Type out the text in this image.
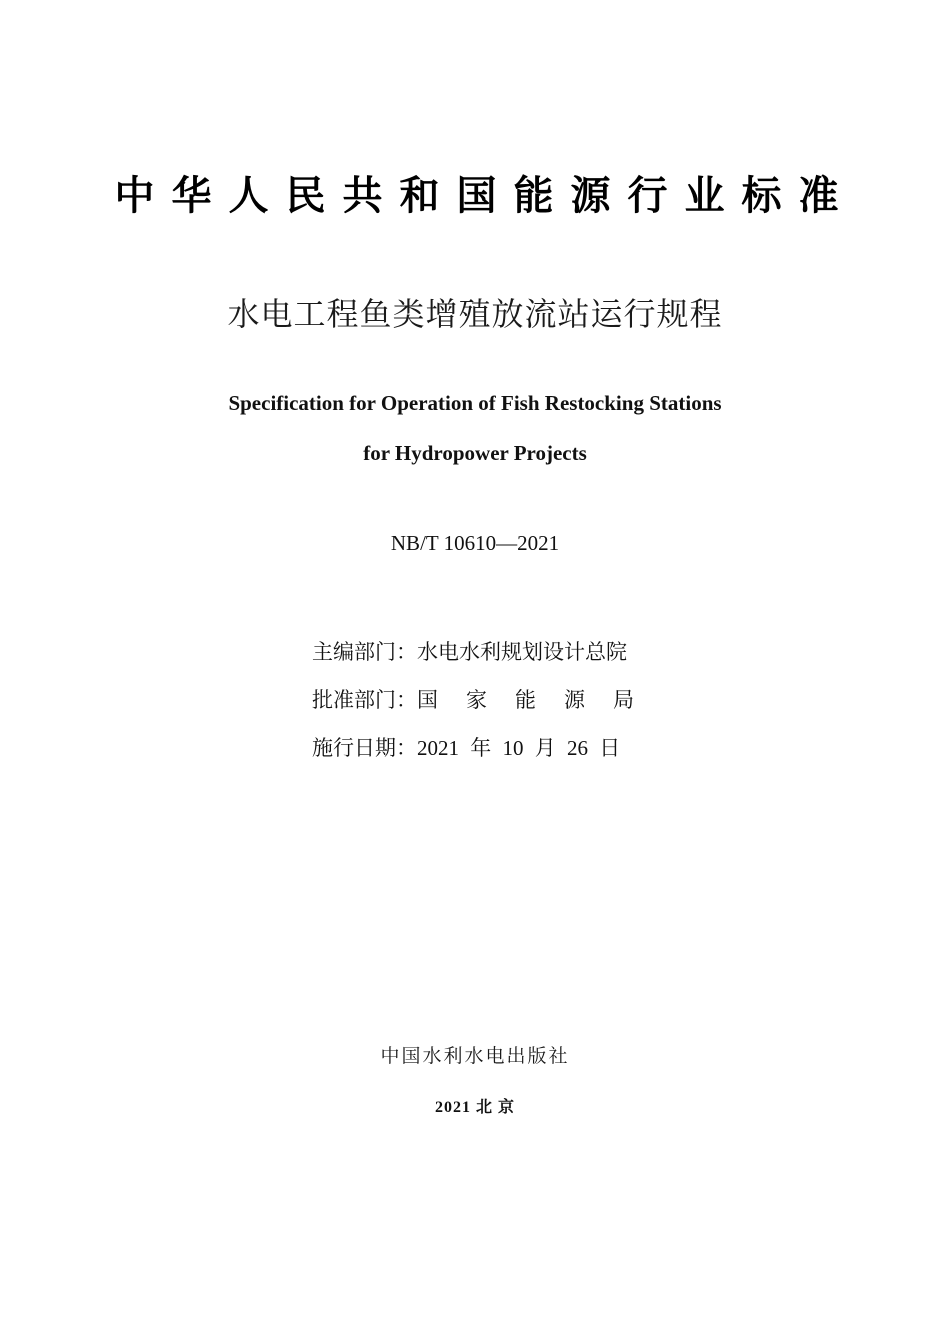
中华人民共和国能源行业标准
水电工程鱼类增殖放流站运行规程
Specification for Operation of Fish Restocking Stations
for Hydropower Projects
NB/T 10610—2021
主编部门： 水电水利规划设计总院
批准部门： 国家能源局
施行日期： 2021 年 10 月 26 日
中国水利水电出版社
2021 北 京
